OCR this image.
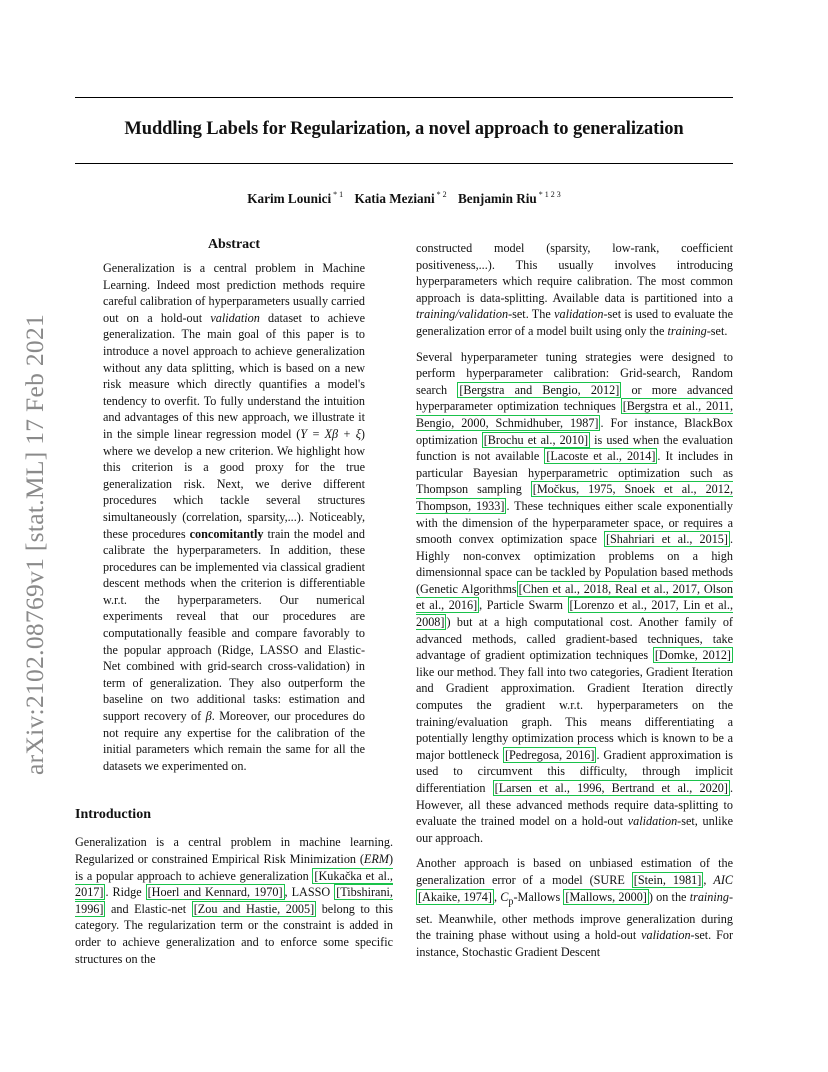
Muddling Labels for Regularization, a novel approach to generalization
Karim Lounici $^{* 1}$ Katia Meziani $^{* 2}$ Benjamin Riu $^{* 1 2 3}$
arXiv:2102.08769v1 [stat.ML] 17 Feb 2021
Abstract
Generalization is a central problem in Machine Learning. Indeed most prediction methods require careful calibration of hyperparameters usually carried out on a hold-out validation dataset to achieve generalization. The main goal of this paper is to introduce a novel approach to achieve generalization without any data splitting, which is based on a new risk measure which directly quantifies a model's tendency to overfit. To fully understand the intuition and advantages of this new approach, we illustrate it in the simple linear regression model (Y = Xβ + ξ) where we develop a new criterion. We highlight how this criterion is a good proxy for the true generalization risk. Next, we derive different procedures which tackle several structures simultaneously (correlation, sparsity,...). Noticeably, these procedures concomitantly train the model and calibrate the hyperparameters. In addition, these procedures can be implemented via classical gradient descent methods when the criterion is differentiable w.r.t. the hyperparameters. Our numerical experiments reveal that our procedures are computationally feasible and compare favorably to the popular approach (Ridge, LASSO and Elastic-Net combined with grid-search cross-validation) in term of generalization. They also outperform the baseline on two additional tasks: estimation and support recovery of β. Moreover, our procedures do not require any expertise for the calibration of the initial parameters which remain the same for all the datasets we experimented on.
Introduction

Generalization is a central problem in machine learning. Regularized or constrained Empirical Risk Minimization (ERM) is a popular approach to achieve generalization [Kukačka et al., 2017] . Ridge [Hoerl and Kennard, 1970] , LASSO [Tibshirani, 1996] and Elastic-net [Zou and Hastie, 2005] belong to this category. The regularization term or the constraint is added in order to achieve generalization and to enforce some specific structures on the

constructed model (sparsity, low-rank, coefficient positiveness,...). This usually involves introducing hyperparameters which require calibration. The most common approach is data-splitting. Available data is partitioned into a training/validation-set. The validation-set is used to evaluate the generalization error of a model built using only the training-set.

Several hyperparameter tuning strategies were designed to perform hyperparameter calibration: Grid-search, Random search [Bergstra and Bengio, 2012] or more advanced hyperparameter optimization techniques [Bergstra et al., 2011, Bengio, 2000, Schmidhuber, 1987] . For instance, BlackBox optimization [Brochu et al., 2010] is used when the evaluation function is not available [Lacoste et al., 2014] . It includes in particular Bayesian hyperparametric optimization such as Thompson sampling [Močkus, 1975, Snoek et al., 2012, Thompson, 1933] . These techniques either scale exponentially with the dimension of the hyperparameter space, or requires a smooth convex optimization space [Shahriari et al., 2015] . Highly non-convex optimization problems on a high dimensionnal space can be tackled by Population based methods (Genetic Algorithms [Chen et al., 2018, Real et al., 2017, Olson et al., 2016] , Particle Swarm [Lorenzo et al., 2017, Lin et al., 2008] ) but at a high computational cost. Another family of advanced methods, called gradient-based techniques, take advantage of gradient optimization techniques [Domke, 2012] like our method. They fall into two categories, Gradient Iteration and Gradient approximation. Gradient Iteration directly computes the gradient w.r.t. hyperparameters on the training/evaluation graph. This means differentiating a potentially lengthy optimization process which is known to be a major bottleneck [Pedregosa, 2016] . Gradient approximation is used to circumvent this difficulty, through implicit differentiation [Larsen et al., 1996, Bertrand et al., 2020] . However, all these advanced methods require data-splitting to evaluate the trained model on a hold-out validation-set, unlike our approach.

Another approach is based on unbiased estimation of the generalization error of a model (SURE [Stein, 1981] , AIC [Akaike, 1974] , $C_p$-Mallows [Mallows, 2000] ) on the training-set. Meanwhile, other methods improve generalization during the training phase without using a hold-out validation-set. For instance, Stochastic Gradient Descent
